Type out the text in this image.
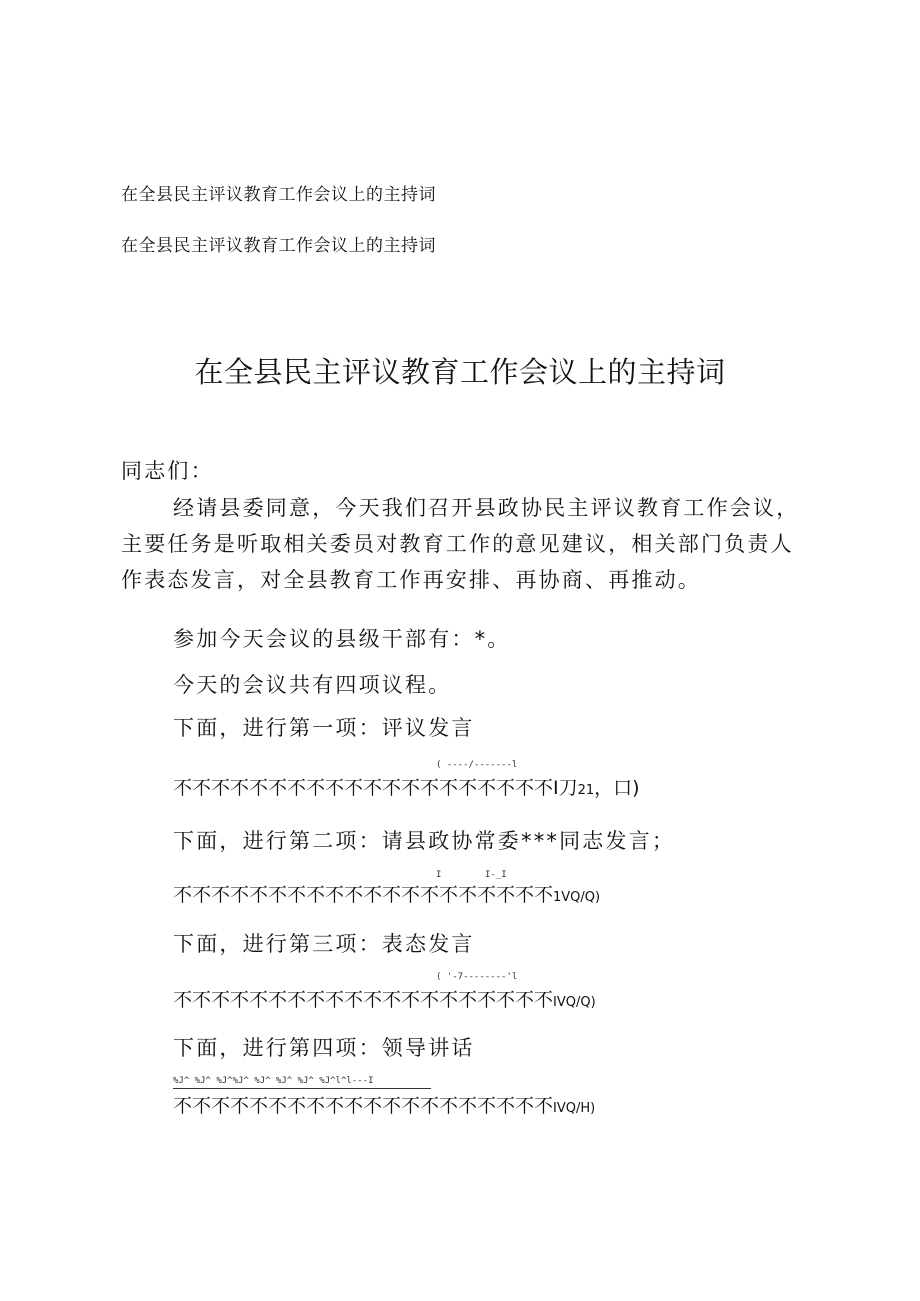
在全县民主评议教育工作会议上的主持词

在全县民主评议教育工作会议上的主持词

在全县民主评议教育工作会议上的主持词

同志们：

经请县委同意，今天我们召开县政协民主评议教育工作会议，主要任务是听取相关委员对教育工作的意见建议，相关部门负责人作表态发言，对全县教育工作再安排、再协商、再推动。

参加今天会议的县级干部有：*。

今天的会议共有四项议程。

下面，进行第一项：评议发言

( ----/-------l
不不不不不不不不不不不不不不不不不不不不I刀21，口)

下面，进行第二项：请县政协常委***同志发言；

I	I-_I
不不不不不不不不不不不不不不不不不不不不1VQ/Q)

下面，进行第三项：表态发言

( '-7--------'l
不不不不不不不不不不不不不不不不不不不不IVQ/Q)

下面，进行第四项：领导讲话

%J^ %J^ %J^%J^ %J^ %J^ %J^ %J^l^l---I
不不不不不不不不不不不不不不不不不不不不IVQ/H)
